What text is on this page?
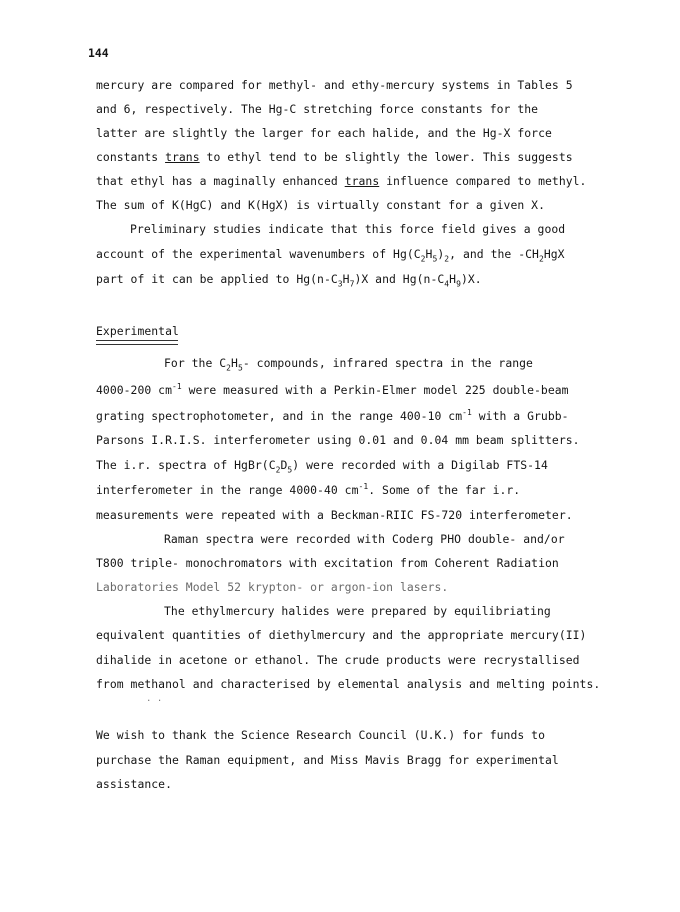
144
mercury are compared for methyl- and ethy-mercury systems in Tables 5
and 6, respectively. The Hg-C stretching force constants for the
latter are slightly the larger for each halide, and the Hg-X force
constants trans to ethyl tend to be slightly the lower. This suggests
that ethyl has a maginally enhanced trans influence compared to methyl.
The sum of K(HgC) and K(HgX) is virtually constant for a given X.
Preliminary studies indicate that this force field gives a good
account of the experimental wavenumbers of $Hg(C_2H_5)_2$, and the $-CH_2HgX$
part of it can be applied to $Hg(n-C_3H_7)X$ and $Hg(n-C_4H_9)X$.
Experimental
For the $C_2H_5-$ compounds, infrared spectra in the range
4000-200 $cm^{-1}$ were measured with a Perkin-Elmer model 225 double-beam
grating spectrophotometer, and in the range 400-10 $cm^{-1}$ with a Grubb-
Parsons I.R.I.S. interferometer using 0.01 and 0.04 mm beam splitters.
The i.r. spectra of $HgBr(C_2D_5)$ were recorded with a Digilab FTS-14
interferometer in the range 4000-40 $cm^{-1}$. Some of the far i.r.
measurements were repeated with a Beckman-RIIC FS-720 interferometer.
Raman spectra were recorded with Coderg PHO double- and/or
T800 triple- monochromators with excitation from Coherent Radiation
Laboratories Model 52 krypton- or argon-ion lasers.
The ethylmercury halides were prepared by equilibriating
equivalent quantities of diethylmercury and the appropriate mercury(II)
dihalide in acetone or ethanol. The crude products were recrystallised
from methanol and characterised by elemental analysis and melting points.
. .
We wish to thank the Science Research Council (U.K.) for funds to
purchase the Raman equipment, and Miss Mavis Bragg for experimental
assistance.
